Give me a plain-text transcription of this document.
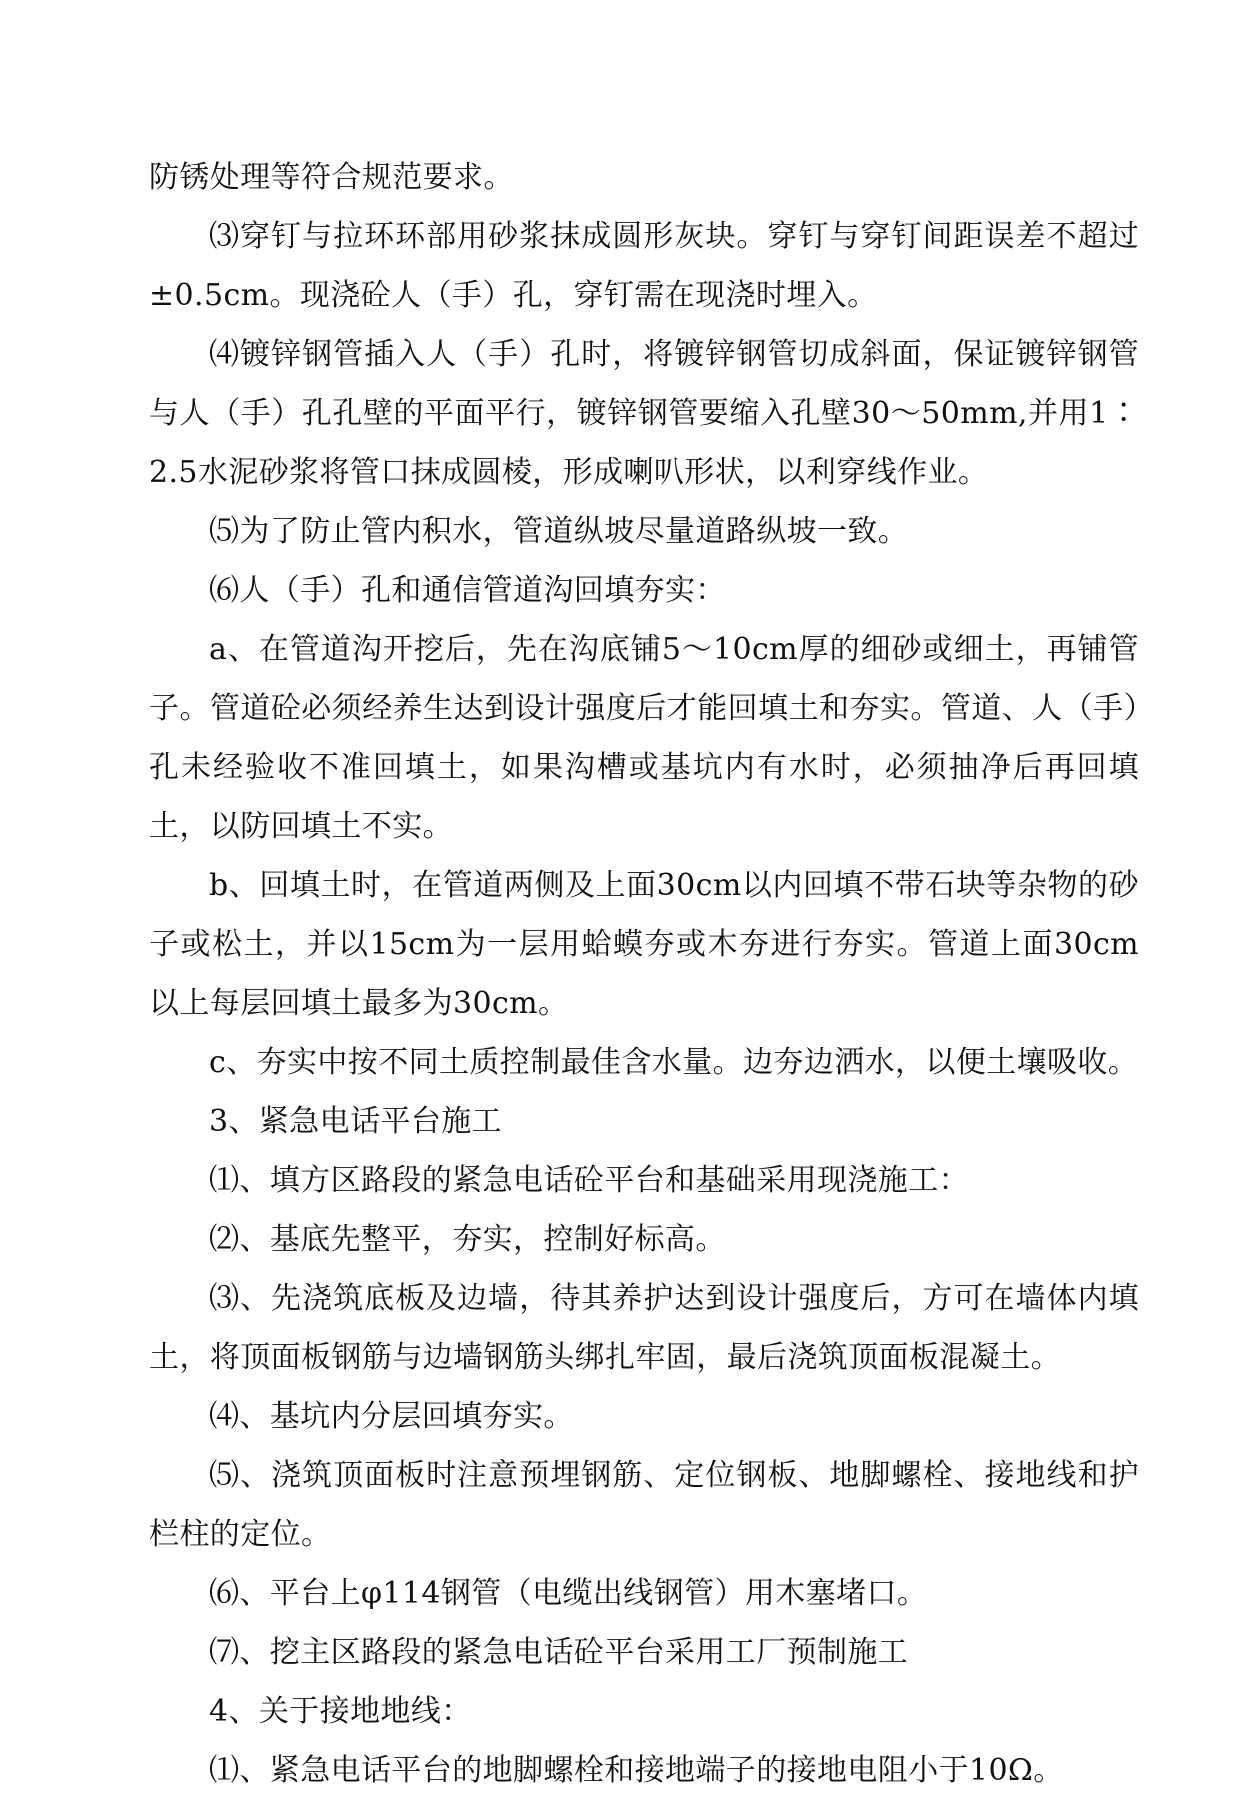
防锈处理等符合规范要求。

⑶穿钉与拉环环部用砂浆抹成圆形灰块。穿钉与穿钉间距误差不超过±0.5cm。现浇砼人（手）孔，穿钉需在现浇时埋入。

⑷镀锌钢管插入人（手）孔时，将镀锌钢管切成斜面，保证镀锌钢管与人（手）孔孔壁的平面平行，镀锌钢管要缩入孔壁30～50mm,并用1∶2.5水泥砂浆将管口抹成圆棱，形成喇叭形状，以利穿线作业。

⑸为了防止管内积水，管道纵坡尽量道路纵坡一致。

⑹人（手）孔和通信管道沟回填夯实：

a、在管道沟开挖后，先在沟底铺5～10cm厚的细砂或细土，再铺管子。管道砼必须经养生达到设计强度后才能回填土和夯实。管道、人（手）孔未经验收不准回填土，如果沟槽或基坑内有水时，必须抽净后再回填土，以防回填土不实。

b、回填土时，在管道两侧及上面30cm以内回填不带石块等杂物的砂子或松土，并以15cm为一层用蛤蟆夯或木夯进行夯实。管道上面30cm以上每层回填土最多为30cm。

c、夯实中按不同土质控制最佳含水量。边夯边洒水，以便土壤吸收。

3、紧急电话平台施工

⑴、填方区路段的紧急电话砼平台和基础采用现浇施工：

⑵、基底先整平，夯实，控制好标高。

⑶、先浇筑底板及边墙，待其养护达到设计强度后，方可在墙体内填土，将顶面板钢筋与边墙钢筋头绑扎牢固，最后浇筑顶面板混凝土。

⑷、基坑内分层回填夯实。

⑸、浇筑顶面板时注意预埋钢筋、定位钢板、地脚螺栓、接地线和护栏柱的定位。

⑹、平台上φ114钢管（电缆出线钢管）用木塞堵口。

⑺、挖主区路段的紧急电话砼平台采用工厂预制施工

4、关于接地地线：

⑴、紧急电话平台的地脚螺栓和接地端子的接地电阻小于10Ω。
